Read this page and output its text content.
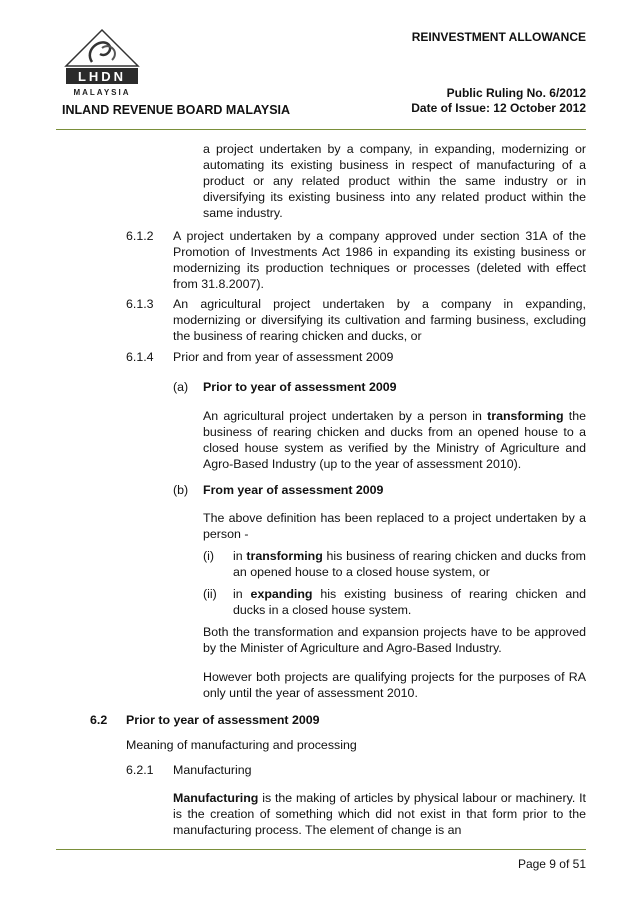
LHDN
MALAYSIA
REINVESTMENT ALLOWANCE
Public Ruling No. 6/2012
Date of Issue: 12 October 2012
INLAND REVENUE BOARD MALAYSIA
a project undertaken by a company, in expanding, modernizing or automating its existing business in respect of manufacturing of a product or any related product within the same industry or in diversifying its existing business into any related product within the same industry.
6.1.2 A project undertaken by a company approved under section 31A of the Promotion of Investments Act 1986 in expanding its existing business or modernizing its production techniques or processes (deleted with effect from 31.8.2007).
6.1.3 An agricultural project undertaken by a company in expanding, modernizing or diversifying its cultivation and farming business, excluding the business of rearing chicken and ducks, or
6.1.4 Prior and from year of assessment 2009
(a) Prior to year of assessment 2009
An agricultural project undertaken by a person in transforming the business of rearing chicken and ducks from an opened house to a closed house system as verified by the Ministry of Agriculture and Agro-Based Industry (up to the year of assessment 2010).
(b) From year of assessment 2009
The above definition has been replaced to a project undertaken by a person -
(i) in transforming his business of rearing chicken and ducks from an opened house to a closed house system, or
(ii) in expanding his existing business of rearing chicken and ducks in a closed house system.
Both the transformation and expansion projects have to be approved by the Minister of Agriculture and Agro-Based Industry.
However both projects are qualifying projects for the purposes of RA only until the year of assessment 2010.
6.2 Prior to year of assessment 2009
Meaning of manufacturing and processing
6.2.1 Manufacturing
Manufacturing is the making of articles by physical labour or machinery. It is the creation of something which did not exist in that form prior to the manufacturing process. The element of change is an
Page 9 of 51
